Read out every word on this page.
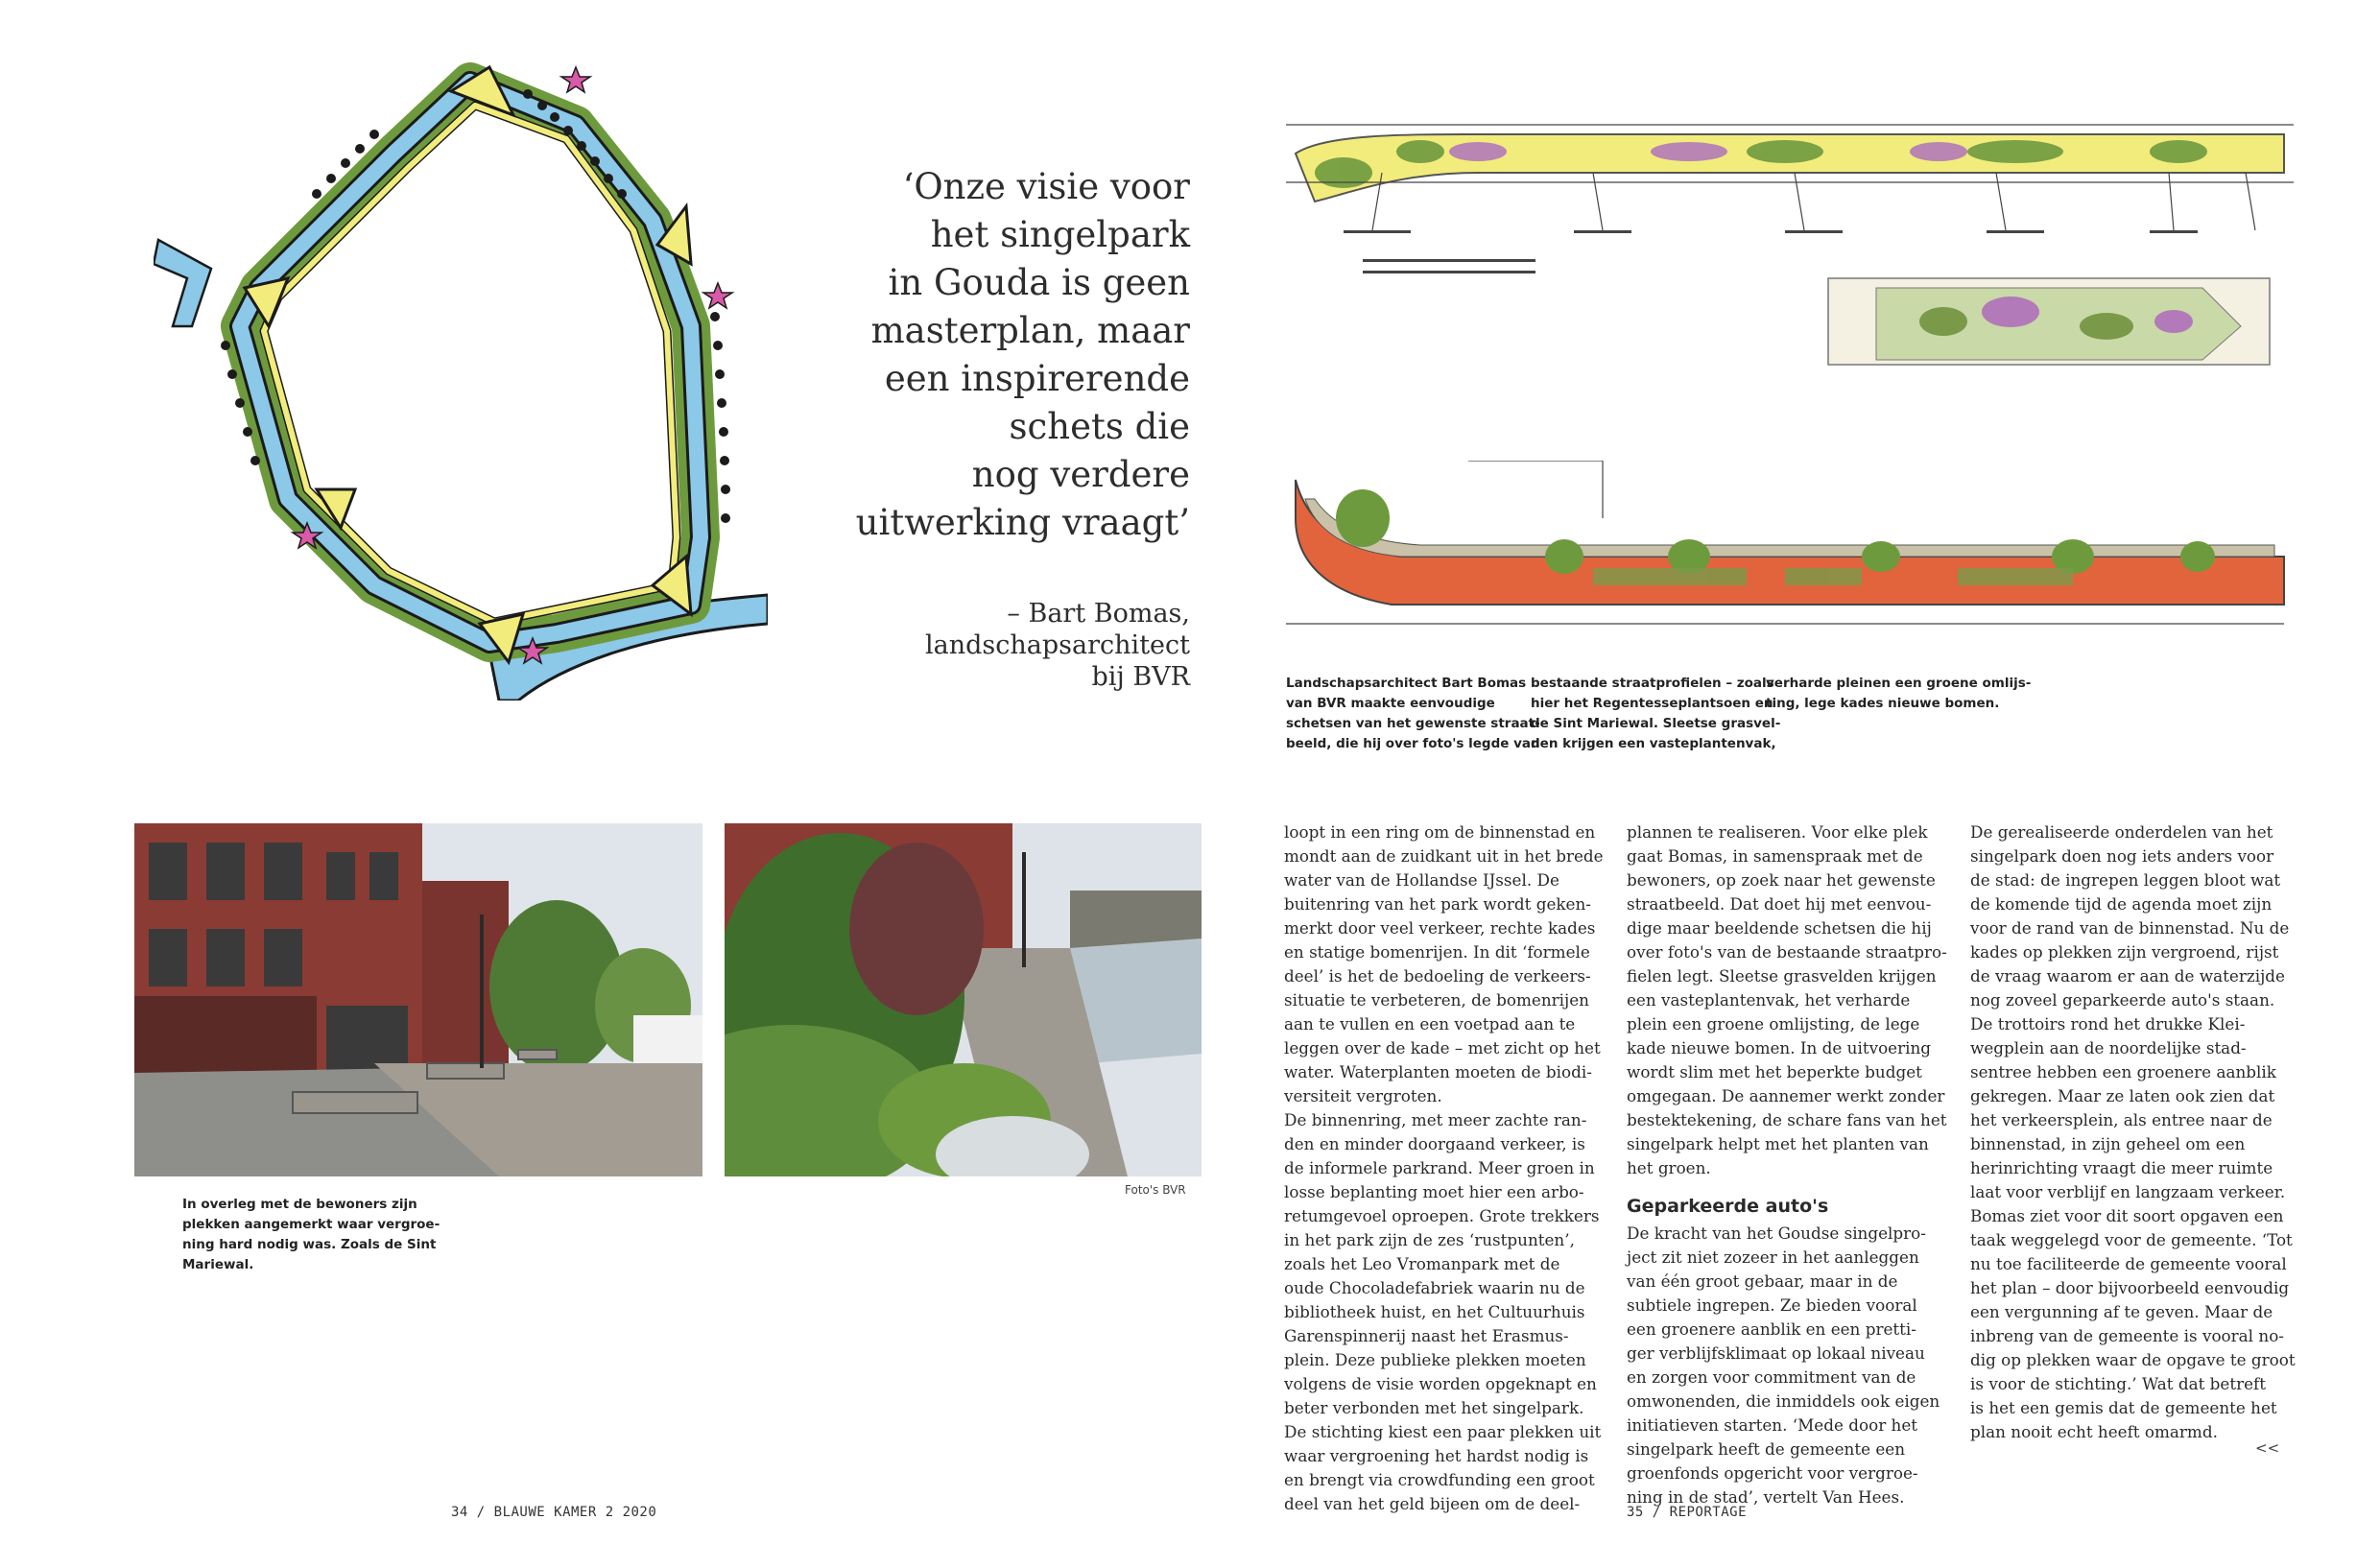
‘Onze visie voor
het singelpark
in Gouda is geen
masterplan, maar
een inspirerende
schets die
nog verdere
uitwerking vraagt’
– Bart Bomas,
landschapsarchitect
bij BVR
In overleg met de bewoners zijn
plekken aangemerkt waar vergroe-
ning hard nodig was. Zoals de Sint
Mariewal.
Foto's BVR
34 / BLAUWE KAMER 2 2020
Landschapsarchitect Bart Bomas
van BVR maakte eenvoudige
schetsen van het gewenste straat-
beeld, die hij over foto's legde van
bestaande straatprofielen – zoals
hier het Regentesseplantsoen en
de Sint Mariewal. Sleetse grasvel-
den krijgen een vasteplantenvak,
verharde pleinen een groene omlijs-
ting, lege kades nieuwe bomen.
loopt in een ring om de binnenstad en
mondt aan de zuidkant uit in het brede
water van de Hollandse IJssel. De
buitenring van het park wordt geken-
merkt door veel verkeer, rechte kades
en statige bomenrijen. In dit ‘formele
deel’ is het de bedoeling de verkeers-
situatie te verbeteren, de bomenrijen
aan te vullen en een voetpad aan te
leggen over de kade – met zicht op het
water. Waterplanten moeten de biodi-
versiteit vergroten.
De binnenring, met meer zachte ran-
den en minder doorgaand verkeer, is
de informele parkrand. Meer groen in
losse beplanting moet hier een arbo-
retumgevoel oproepen. Grote trekkers
in het park zijn de zes ‘rustpunten’,
zoals het Leo Vromanpark met de
oude Chocoladefabriek waarin nu de
bibliotheek huist, en het Cultuurhuis
Garenspinnerij naast het Erasmus-
plein. Deze publieke plekken moeten
volgens de visie worden opgeknapt en
beter verbonden met het singelpark.
De stichting kiest een paar plekken uit
waar vergroening het hardst nodig is
en brengt via crowdfunding een groot
deel van het geld bijeen om de deel-
plannen te realiseren. Voor elke plek
gaat Bomas, in samenspraak met de
bewoners, op zoek naar het gewenste
straatbeeld. Dat doet hij met eenvou-
dige maar beeldende schetsen die hij
over foto's van de bestaande straatpro-
fielen legt. Sleetse grasvelden krijgen
een vasteplantenvak, het verharde
plein een groene omlijsting, de lege
kade nieuwe bomen. In de uitvoering
wordt slim met het beperkte budget
omgegaan. De aannemer werkt zonder
bestektekening, de schare fans van het
singelpark helpt met het planten van
het groen.
Geparkeerde auto's
De kracht van het Goudse singelpro-
ject zit niet zozeer in het aanleggen
van één groot gebaar, maar in de
subtiele ingrepen. Ze bieden vooral
een groenere aanblik en een pretti-
ger verblijfsklimaat op lokaal niveau
en zorgen voor commitment van de
omwonenden, die inmiddels ook eigen
initiatieven starten. ‘Mede door het
singelpark heeft de gemeente een
groenfonds opgericht voor vergroe-
ning in de stad’, vertelt Van Hees.
De gerealiseerde onderdelen van het
singelpark doen nog iets anders voor
de stad: de ingrepen leggen bloot wat
de komende tijd de agenda moet zijn
voor de rand van de binnenstad. Nu de
kades op plekken zijn vergroend, rijst
de vraag waarom er aan de waterzijde
nog zoveel geparkeerde auto's staan.
De trottoirs rond het drukke Klei-
wegplein aan de noordelijke stad-
sentree hebben een groenere aanblik
gekregen. Maar ze laten ook zien dat
het verkeersplein, als entree naar de
binnenstad, in zijn geheel om een
herinrichting vraagt die meer ruimte
laat voor verblijf en langzaam verkeer.
Bomas ziet voor dit soort opgaven een
taak weggelegd voor de gemeente. ‘Tot
nu toe faciliteerde de gemeente vooral
het plan – door bijvoorbeeld eenvoudig
een vergunning af te geven. Maar de
inbreng van de gemeente is vooral no-
dig op plekken waar de opgave te groot
is voor de stichting.’ Wat dat betreft
is het een gemis dat de gemeente het
plan nooit echt heeft omarmd.
<<
35 / REPORTAGE
